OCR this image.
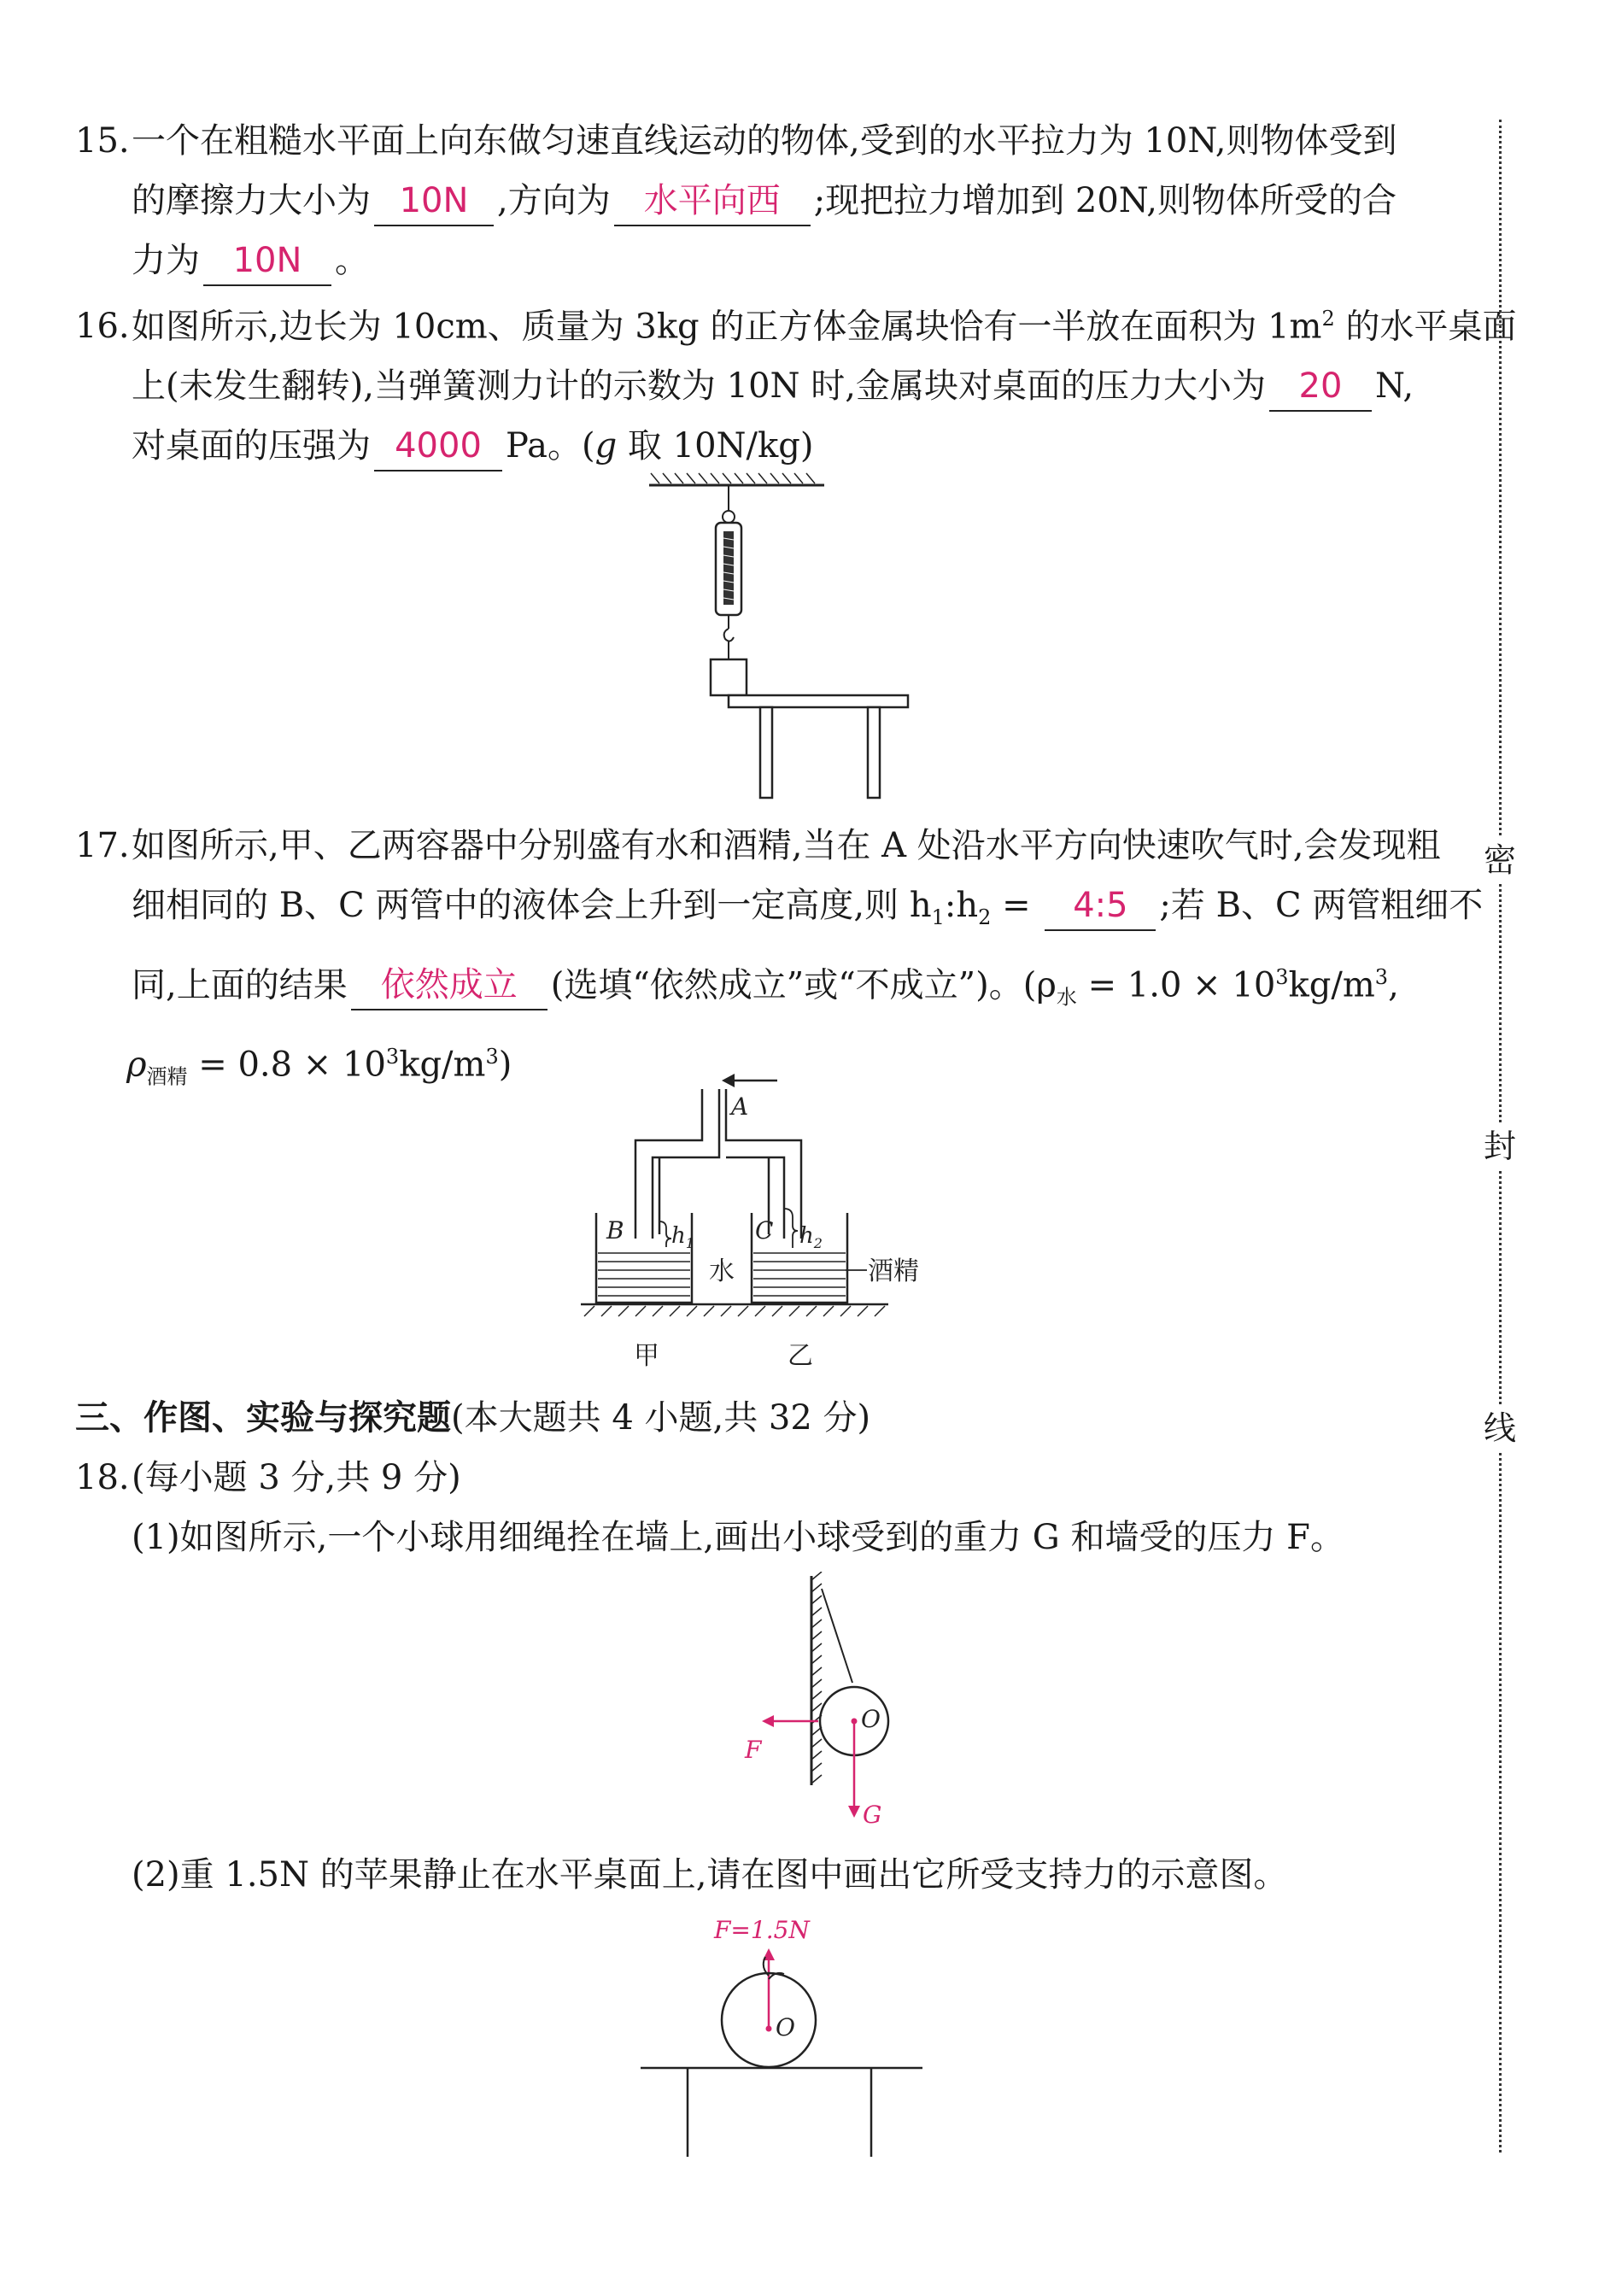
15.一个在粗糙水平面上向东做匀速直线运动的物体,受到的水平拉力为 10N,则物体受到
的摩擦力大小为 10N ,方向为 水平向西 ;现把拉力增加到 20N,则物体所受的合
力为 10N 。
16.如图所示,边长为 10cm、质量为 3kg 的正方体金属块恰有一半放在面积为 $1m^2$ 的水平桌面
上(未发生翻转),当弹簧测力计的示数为 10N 时,金属块对桌面的压力大小为 20 N,
对桌面的压强为 4000 Pa。(g 取 10N/kg)
17.如图所示,甲、乙两容器中分别盛有水和酒精,当在 A 处沿水平方向快速吹气时,会发现粗
细相同的 B、C 两管中的液体会上升到一定高度,则 $h_1:h_2$ = 4:5 ;若 B、C 两管粗细不
同,上面的结果 依然成立 (选填“依然成立”或“不成立”)。($\rho_水 = 1.0 \times 10^3kg/m^3$,
$\rho_{酒精} = 0.8 \times 10^3kg/m^3$)
A
B	C
$h_1$	$h_2$
水	酒精
甲	乙
三、作图、实验与探究题(本大题共 4 小题,共 32 分)
18.(每小题 3 分,共 9 分)
(1)如图所示,一个小球用细绳拴在墙上,画出小球受到的重力 G 和墙受的压力 F。
O
F
G
(2)重 1.5N 的苹果静止在水平桌面上,请在图中画出它所受支持力的示意图。
F=1.5N
O
密
封
线
